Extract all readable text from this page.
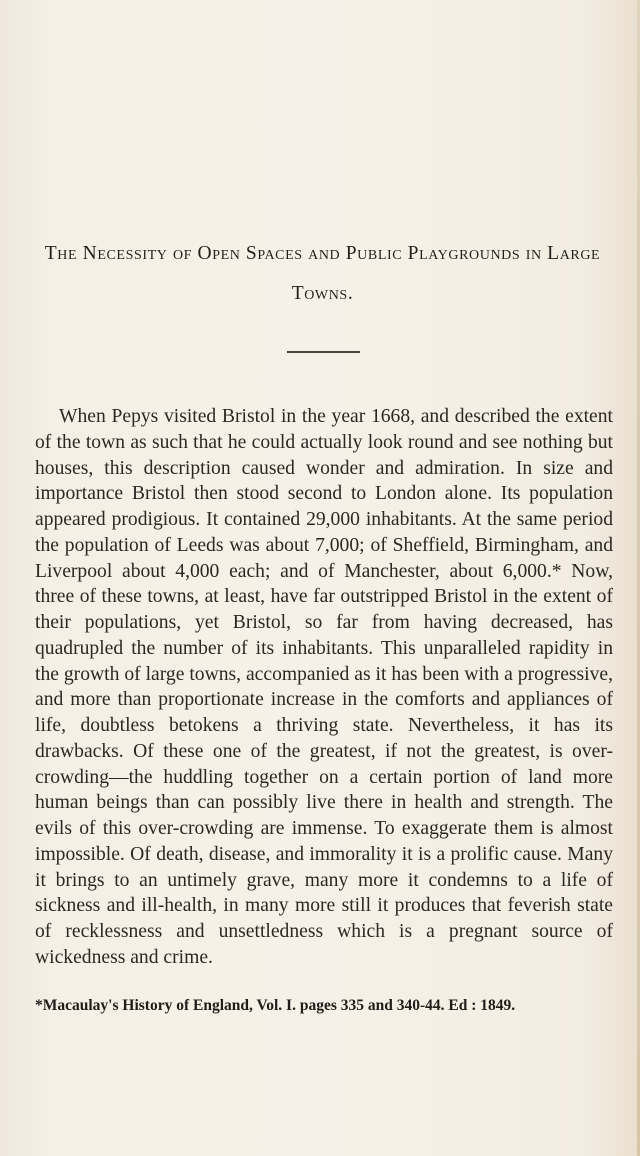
The Necessity of Open Spaces and Public Playgrounds in Large Towns.

When Pepys visited Bristol in the year 1668, and described the extent of the town as such that he could actually look round and see nothing but houses, this description caused wonder and admiration. In size and importance Bristol then stood second to London alone. Its population appeared prodigious. It contained 29,000 inhabitants. At the same period the population of Leeds was about 7,000; of Sheffield, Birmingham, and Liverpool about 4,000 each; and of Manchester, about 6,000.* Now, three of these towns, at least, have far outstripped Bristol in the extent of their populations, yet Bristol, so far from having decreased, has quadrupled the number of its inhabitants. This unparalleled rapidity in the growth of large towns, accompanied as it has been with a progressive, and more than proportionate increase in the comforts and appliances of life, doubtless betokens a thriving state. Nevertheless, it has its drawbacks. Of these one of the greatest, if not the greatest, is over-crowding—the huddling together on a certain portion of land more human beings than can possibly live there in health and strength. The evils of this over-crowding are immense. To exaggerate them is almost impossible. Of death, disease, and immorality it is a prolific cause. Many it brings to an untimely grave, many more it condemns to a life of sickness and ill-health, in many more still it produces that feverish state of recklessness and unsettledness which is a pregnant source of wickedness and crime.

*Macaulay's History of England, Vol. I. pages 335 and 340-44. Ed : 1849.
